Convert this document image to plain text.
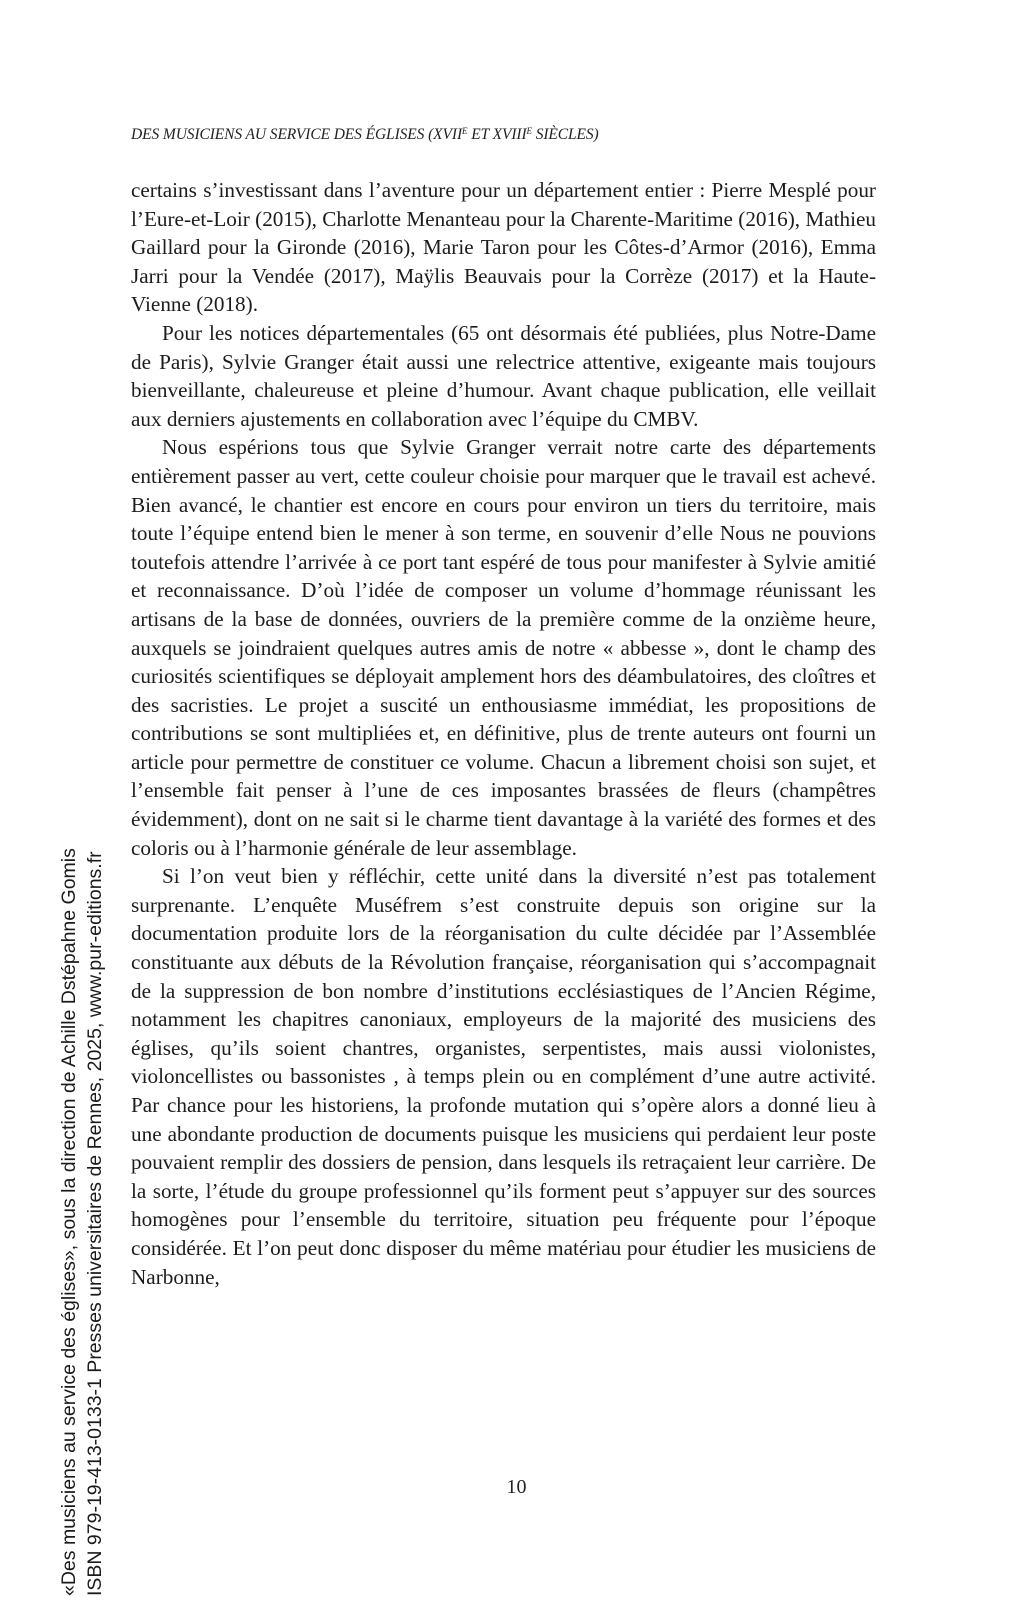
DES MUSICIENS AU SERVICE DES ÉGLISES ($XVII^E$ ET $XVIII^E$ SIÈCLES)

certains s’investissant dans l’aventure pour un département entier : Pierre Mesplé pour l’Eure-et-Loir (2015), Charlotte Menanteau pour la Charente-Maritime (2016), Mathieu Gaillard pour la Gironde (2016), Marie Taron pour les Côtes-d’Armor (2016), Emma Jarri pour la Vendée (2017), Maÿlis Beauvais pour la Corrèze (2017) et la Haute-Vienne (2018).

Pour les notices départementales (65 ont désormais été publiées, plus Notre-Dame de Paris), Sylvie Granger était aussi une relectrice attentive, exigeante mais toujours bienveillante, chaleureuse et pleine d’humour. Avant chaque publication, elle veillait aux derniers ajustements en collaboration avec l’équipe du CMBV.

Nous espérions tous que Sylvie Granger verrait notre carte des départements entièrement passer au vert, cette couleur choisie pour marquer que le travail est achevé. Bien avancé, le chantier est encore en cours pour environ un tiers du territoire, mais toute l’équipe entend bien le mener à son terme, en souvenir d’elle Nous ne pouvions toutefois attendre l’arrivée à ce port tant espéré de tous pour manifester à Sylvie amitié et reconnaissance. D’où l’idée de composer un volume d’hommage réunissant les artisans de la base de données, ouvriers de la première comme de la onzième heure, auxquels se joindraient quelques autres amis de notre « abbesse », dont le champ des curiosités scientifiques se déployait amplement hors des déambulatoires, des cloîtres et des sacristies. Le projet a suscité un enthousiasme immédiat, les propositions de contributions se sont multipliées et, en définitive, plus de trente auteurs ont fourni un article pour permettre de constituer ce volume. Chacun a librement choisi son sujet, et l’ensemble fait penser à l’une de ces imposantes brassées de fleurs (champêtres évidemment), dont on ne sait si le charme tient davantage à la variété des formes et des coloris ou à l’harmonie générale de leur assemblage.

Si l’on veut bien y réfléchir, cette unité dans la diversité n’est pas totalement surprenante. L’enquête Muséfrem s’est construite depuis son origine sur la documentation produite lors de la réorganisation du culte décidée par l’Assemblée constituante aux débuts de la Révolution française, réorganisation qui s’accompagnait de la suppression de bon nombre d’institutions ecclésiastiques de l’Ancien Régime, notamment les chapitres canoniaux, employeurs de la majorité des musiciens des églises, qu’ils soient chantres, organistes, serpentistes, mais aussi violonistes, violoncellistes ou bassonistes , à temps plein ou en complément d’une autre activité. Par chance pour les historiens, la profonde mutation qui s’opère alors a donné lieu à une abondante production de documents puisque les musiciens qui perdaient leur poste pouvaient remplir des dossiers de pension, dans lesquels ils retraçaient leur carrière. De la sorte, l’étude du groupe professionnel qu’ils forment peut s’appuyer sur des sources homogènes pour l’ensemble du territoire, situation peu fréquente pour l’époque considérée. Et l’on peut donc disposer du même matériau pour étudier les musiciens de Narbonne,

10
«Des musiciens au service des églises», sous la direction de Achille Dstépahne Gomis ISBN 979-19-413-0133-1 Presses universitaires de Rennes, 2025, www.pur-editions.fr
